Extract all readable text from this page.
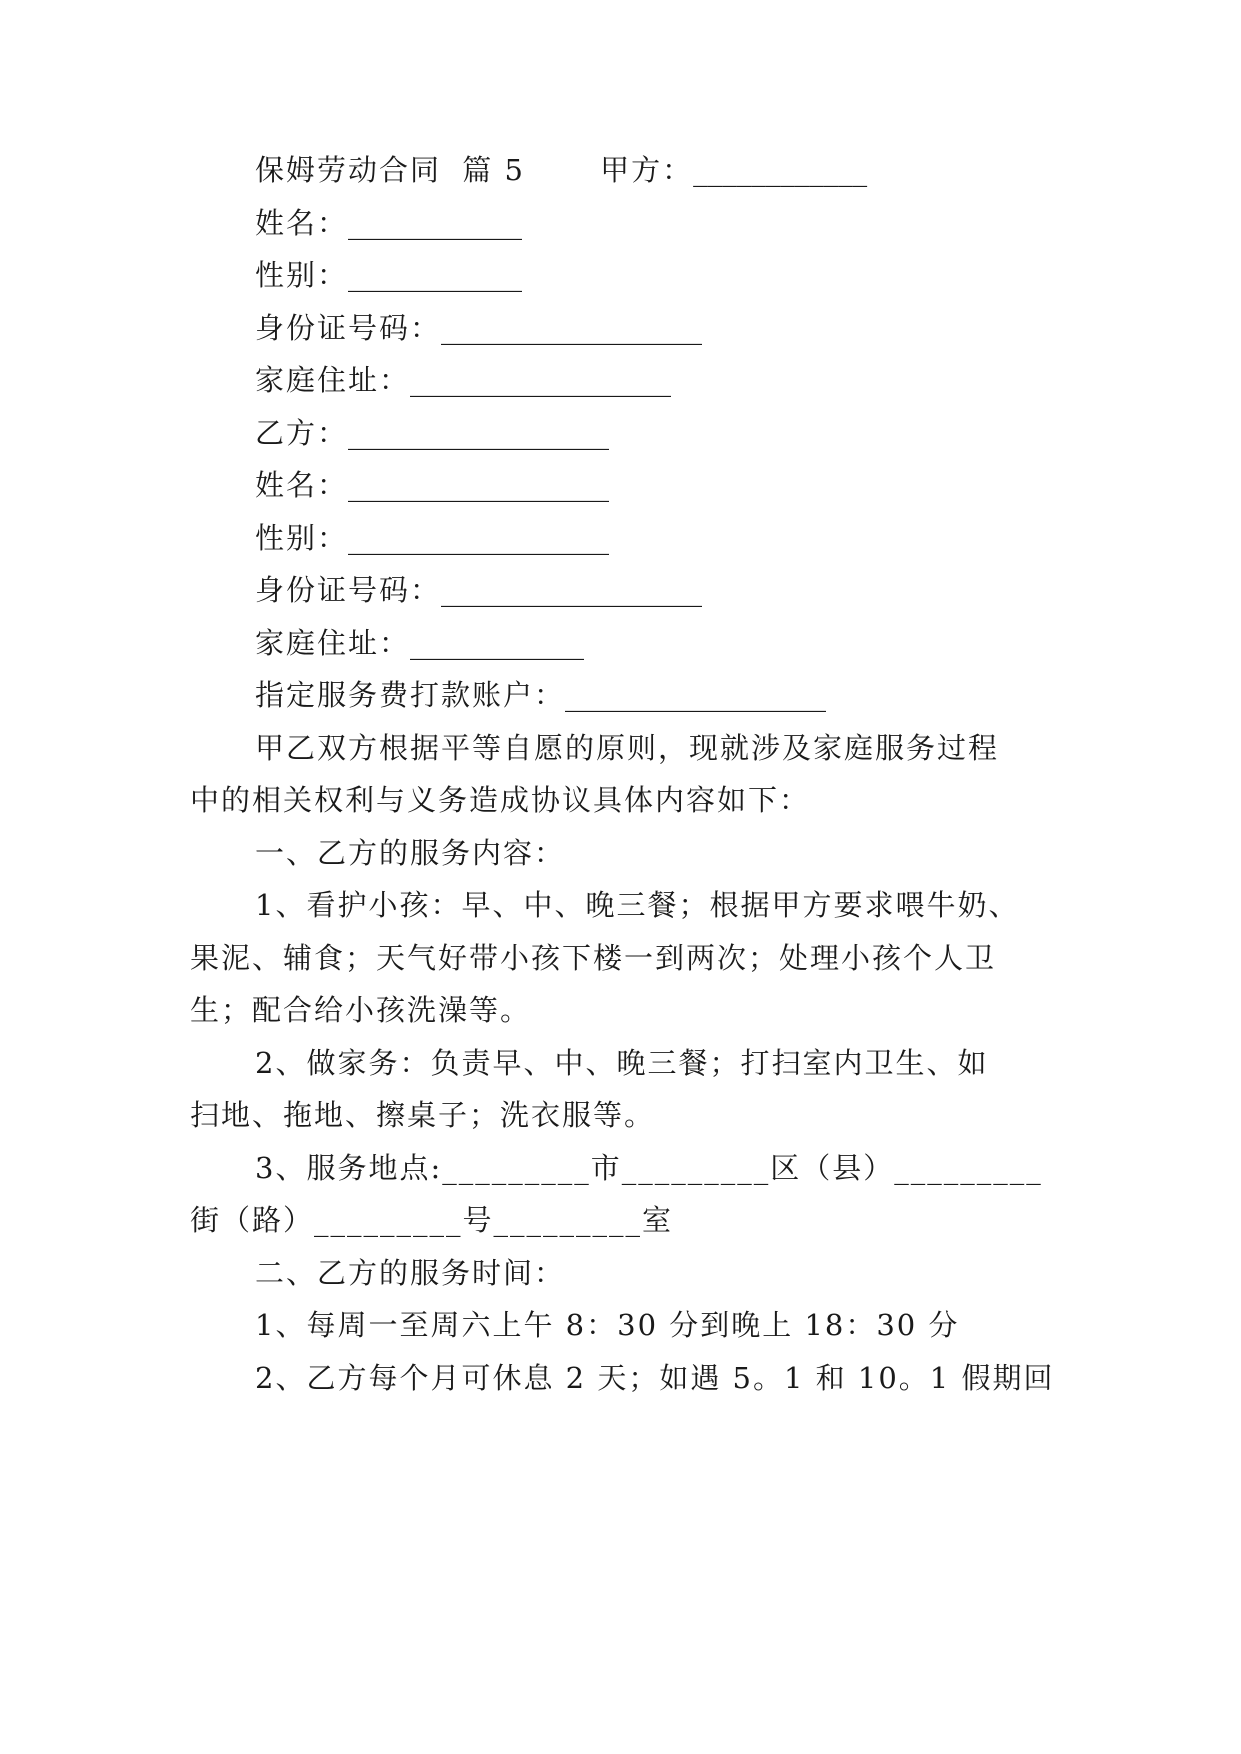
保姆劳动合同 篇 5	甲方：____________
姓名：____________
性别：____________
身份证号码：__________________
家庭住址：__________________
乙方：__________________
姓名：__________________
性别：__________________
身份证号码：__________________
家庭住址：____________
指定服务费打款账户：__________________
甲乙双方根据平等自愿的原则，现就涉及家庭服务过程
中的相关权利与义务造成协议具体内容如下：
一、乙方的服务内容：
1、看护小孩：早、中、晚三餐；根据甲方要求喂牛奶、
果泥、辅食；天气好带小孩下楼一到两次；处理小孩个人卫
生；配合给小孩洗澡等。
2、做家务：负责早、中、晚三餐；打扫室内卫生、如
扫地、拖地、擦桌子；洗衣服等。
3、服务地点:_________市_________区（县）_________
街（路）_________号_________室
二、乙方的服务时间：
1、每周一至周六上午 8：30 分到晚上 18：30 分
2、乙方每个月可休息 2 天；如遇 5。1 和 10。1 假期回
